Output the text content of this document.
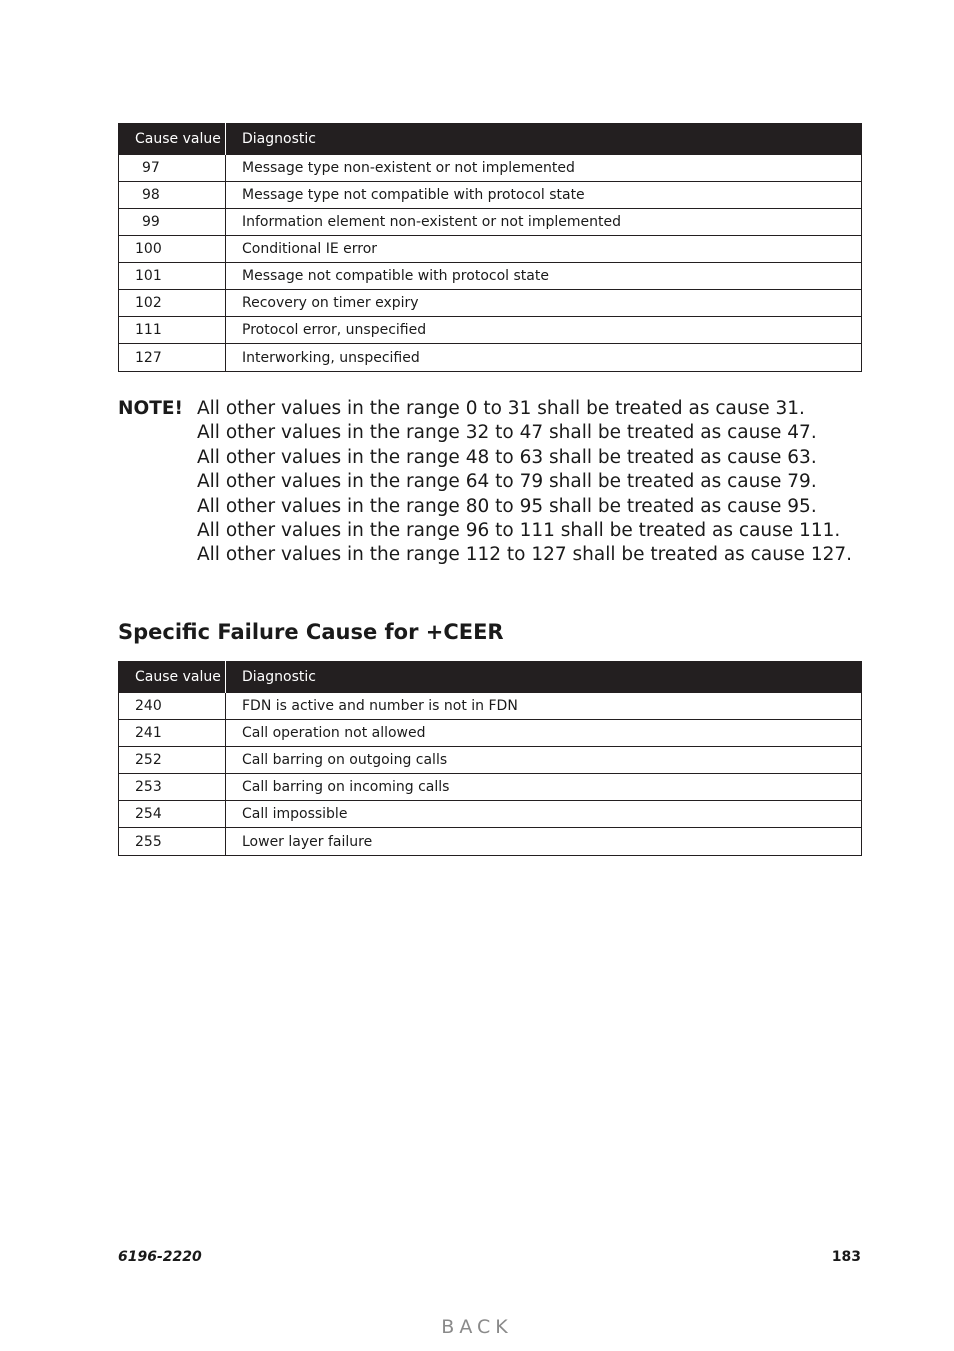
Cause value	Diagnostic
97	Message type non-existent or not implemented
98	Message type not compatible with protocol state
99	Information element non-existent or not implemented
100	Conditional IE error
101	Message not compatible with protocol state
102	Recovery on timer expiry
111	Protocol error, unspecified
127	Interworking, unspecified
NOTE! All other values in the range 0 to 31 shall be treated as cause 31.
All other values in the range 32 to 47 shall be treated as cause 47.
All other values in the range 48 to 63 shall be treated as cause 63.
All other values in the range 64 to 79 shall be treated as cause 79.
All other values in the range 80 to 95 shall be treated as cause 95.
All other values in the range 96 to 111 shall be treated as cause 111.
All other values in the range 112 to 127 shall be treated as cause 127.
Specific Failure Cause for +CEER
Cause value	Diagnostic
240	FDN is active and number is not in FDN
241	Call operation not allowed
252	Call barring on outgoing calls
253	Call barring on incoming calls
254	Call impossible
255	Lower layer failure
6196-2220	183
BACK
